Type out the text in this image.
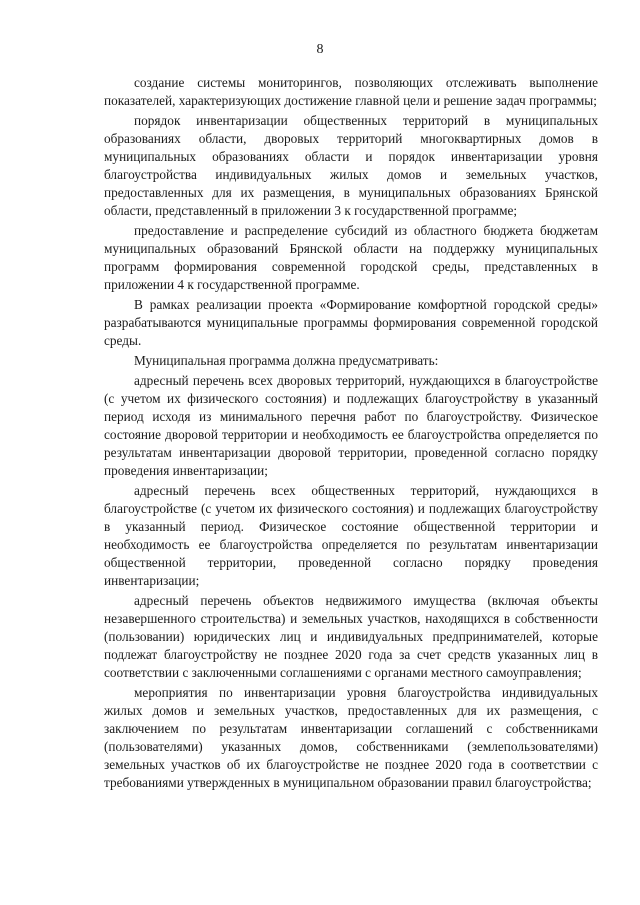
8

создание системы мониторингов, позволяющих отслеживать выполнение показателей, характеризующих достижение главной цели и решение задач программы;

порядок инвентаризации общественных территорий в муниципальных образованиях области, дворовых территорий многоквартирных домов в муниципальных образованиях области и порядок инвентаризации уровня благоустройства индивидуальных жилых домов и земельных участков, предоставленных для их размещения, в муниципальных образованиях Брянской области, представленный в приложении 3 к государственной программе;

предоставление и распределение субсидий из областного бюджета бюджетам муниципальных образований Брянской области на поддержку муниципальных программ формирования современной городской среды, представленных в приложении 4 к государственной программе.

В рамках реализации проекта «Формирование комфортной городской среды» разрабатываются муниципальные программы формирования современной городской среды.

Муниципальная программа должна предусматривать:

адресный перечень всех дворовых территорий, нуждающихся в благоустройстве (с учетом их физического состояния) и подлежащих благоустройству в указанный период исходя из минимального перечня работ по благоустройству. Физическое состояние дворовой территории и необходимость ее благоустройства определяется по результатам инвентаризации дворовой территории, проведенной согласно порядку проведения инвентаризации;

адресный перечень всех общественных территорий, нуждающихся в благоустройстве (с учетом их физического состояния) и подлежащих благоустройству в указанный период. Физическое состояние общественной территории и необходимость ее благоустройства определяется по результатам инвентаризации общественной территории, проведенной согласно порядку проведения инвентаризации;

адресный перечень объектов недвижимого имущества (включая объекты незавершенного строительства) и земельных участков, находящихся в собственности (пользовании) юридических лиц и индивидуальных предпринимателей, которые подлежат благоустройству не позднее 2020 года за счет средств указанных лиц в соответствии с заключенными соглашениями с органами местного самоуправления;

мероприятия по инвентаризации уровня благоустройства индивидуальных жилых домов и земельных участков, предоставленных для их размещения, с заключением по результатам инвентаризации соглашений с собственниками (пользователями) указанных домов, собственниками (землепользователями) земельных участков об их благоустройстве не позднее 2020 года в соответствии с требованиями утвержденных в муниципальном образовании правил благоустройства;
